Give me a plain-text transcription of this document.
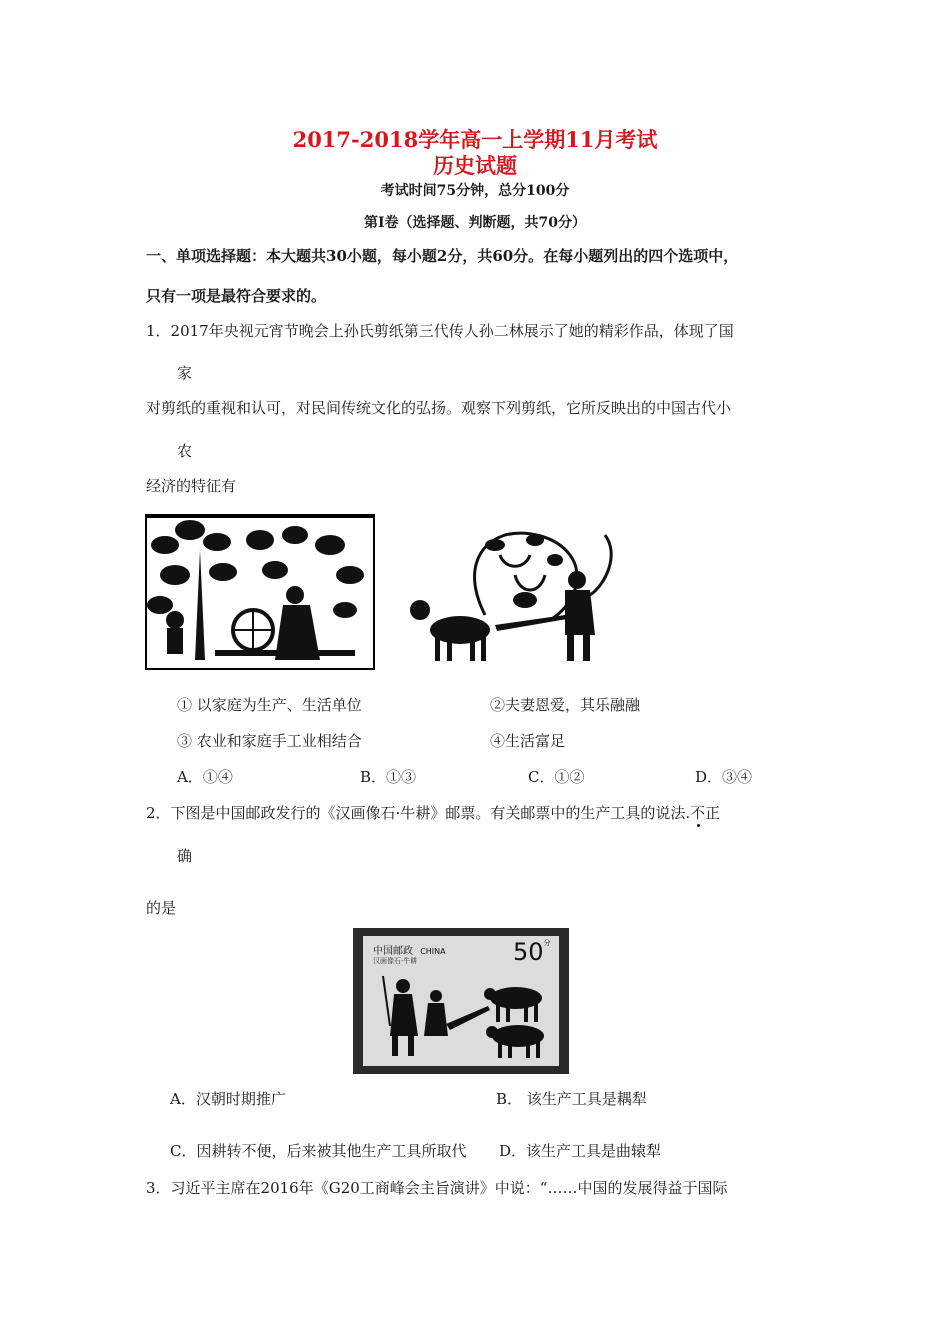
2017-2018学年高一上学期11月考试
历史试题
考试时间75分钟，总分100分
第Ⅰ卷（选择题、判断题，共70分）
一、单项选择题：本大题共30小题，每小题2分，共60分。在每小题列出的四个选项中，
只有一项是最符合要求的。
1．2017年央视元宵节晚会上孙氏剪纸第三代传人孙二林展示了她的精彩作品，体现了国
家
对剪纸的重视和认可，对民间传统文化的弘扬。观察下列剪纸，它所反映出的中国古代小
农
经济的特征有
① 以家庭为生产、生活单位	②夫妻恩爱，其乐融融
③ 农业和家庭手工业相结合	④生活富足
A．①④	B．①③	C．①②	D．③④
2．下图是中国邮政发行的《汉画像石·牛耕》邮票。有关邮票中的生产工具的说法.不正
确
的是
中国邮政 CHINA
汉画像石·牛耕	$50^分$
A．汉朝时期推广	B． 该生产工具是耦犁
C．因耕转不便，后来被其他生产工具所取代 D．该生产工具是曲辕犁
3．习近平主席在2016年《G20工商峰会主旨演讲》中说：“……中国的发展得益于国际
